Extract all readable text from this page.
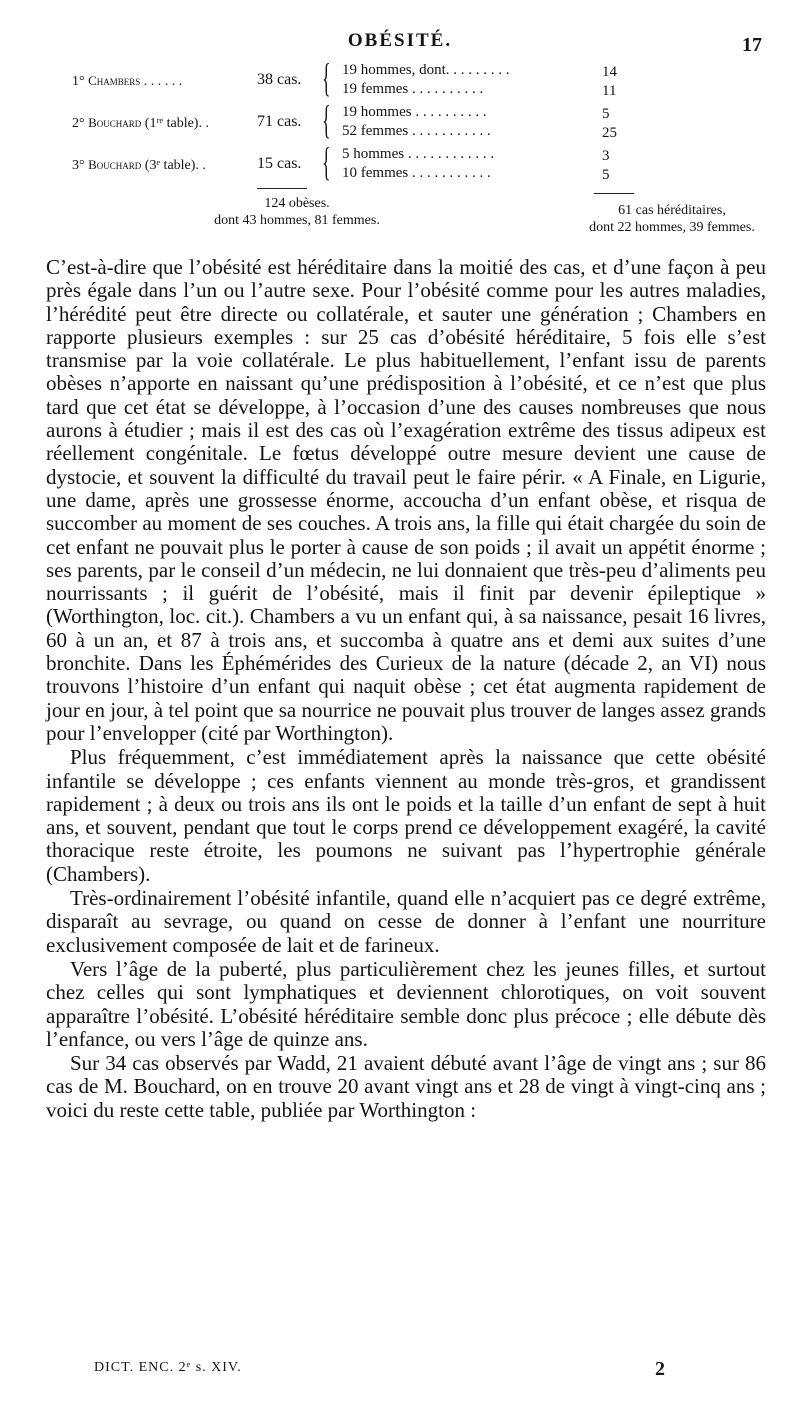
OBÉSITÉ.	17
1° Chambers . . . . . .	38 cas. { 19 hommes, dont. . . . . . . . .	14
19 femmes . . . . . . . . . .	11
2° Bouchard (1ʳᵉ table). .	71 cas. { 19 hommes . . . . . . . . . .	5
52 femmes . . . . . . . . . . .	25
3° Bouchard (3ᵉ table). .	15 cas. { 5 hommes . . . . . . . . . . . .	3
10 femmes . . . . . . . . . . .	5
124 obèses.
dont 43 hommes, 81 femmes.
61 cas héréditaires,
dont 22 hommes, 39 femmes.

C’est-à-dire que l’obésité est héréditaire dans la moitié des cas, et d’une façon à peu près égale dans l’un ou l’autre sexe. Pour l’obésité comme pour les autres maladies, l’hérédité peut être directe ou collatérale, et sauter une génération ; Chambers en rapporte plusieurs exemples : sur 25 cas d’obésité héréditaire, 5 fois elle s’est transmise par la voie collatérale. Le plus habituellement, l’enfant issu de parents obèses n’apporte en naissant qu’une prédisposition à l’obésité, et ce n’est que plus tard que cet état se développe, à l’occasion d’une des causes nombreuses que nous aurons à étudier ; mais il est des cas où l’exagération extrême des tissus adipeux est réellement congénitale. Le fœtus développé outre mesure devient une cause de dystocie, et souvent la difficulté du travail peut le faire périr. « A Finale, en Ligurie, une dame, après une grossesse énorme, accoucha d’un enfant obèse, et risqua de succomber au moment de ses couches. A trois ans, la fille qui était chargée du soin de cet enfant ne pouvait plus le porter à cause de son poids ; il avait un appétit énorme ; ses parents, par le conseil d’un médecin, ne lui donnaient que très-peu d’aliments peu nourrissants ; il guérit de l’obésité, mais il finit par devenir épileptique » (Worthington, loc. cit.). Chambers a vu un enfant qui, à sa naissance, pesait 16 livres, 60 à un an, et 87 à trois ans, et succomba à quatre ans et demi aux suites d’une bronchite. Dans les Éphémérides des Curieux de la nature (décade 2, an VI) nous trouvons l’histoire d’un enfant qui naquit obèse ; cet état augmenta rapidement de jour en jour, à tel point que sa nourrice ne pouvait plus trouver de langes assez grands pour l’envelopper (cité par Worthington).

Plus fréquemment, c’est immédiatement après la naissance que cette obésité infantile se développe ; ces enfants viennent au monde très-gros, et grandissent rapidement ; à deux ou trois ans ils ont le poids et la taille d’un enfant de sept à huit ans, et souvent, pendant que tout le corps prend ce développement exagéré, la cavité thoracique reste étroite, les poumons ne suivant pas l’hypertrophie générale (Chambers).

Très-ordinairement l’obésité infantile, quand elle n’acquiert pas ce degré extrême, disparaît au sevrage, ou quand on cesse de donner à l’enfant une nourriture exclusivement composée de lait et de farineux.

Vers l’âge de la puberté, plus particulièrement chez les jeunes filles, et surtout chez celles qui sont lymphatiques et deviennent chlorotiques, on voit souvent apparaître l’obésité. L’obésité héréditaire semble donc plus précoce ; elle débute dès l’enfance, ou vers l’âge de quinze ans.

Sur 34 cas observés par Wadd, 21 avaient débuté avant l’âge de vingt ans ; sur 86 cas de M. Bouchard, on en trouve 20 avant vingt ans et 28 de vingt à vingt-cinq ans ; voici du reste cette table, publiée par Worthington :

DICT. ENC. 2ᵉ s. XIV.	2
